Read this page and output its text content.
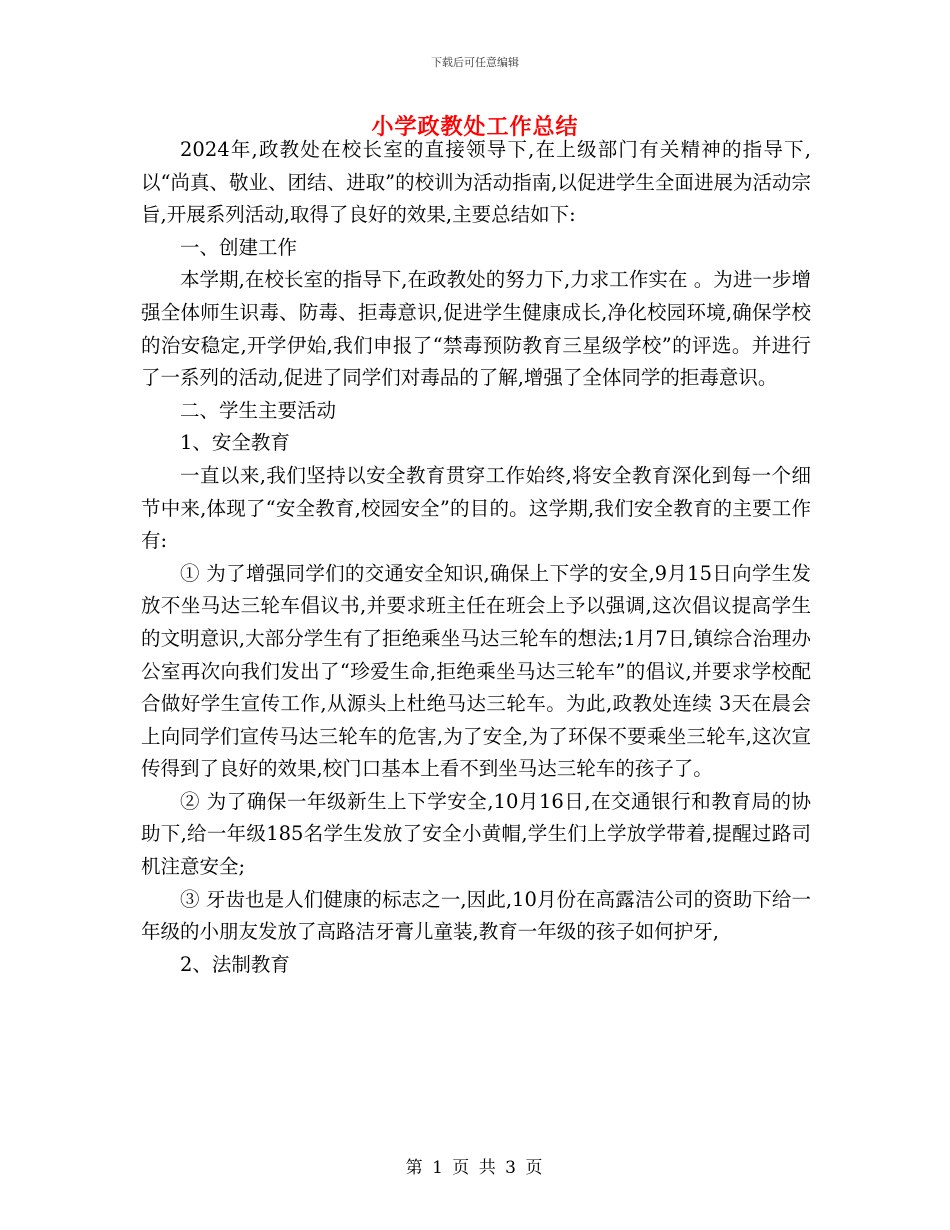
下载后可任意编辑
小学政教处工作总结

2024年,政教处在校长室的直接领导下,在上级部门有关精神的指导下,以“尚真、敬业、团结、进取”的校训为活动指南,以促进学生全面进展为活动宗旨,开展系列活动,取得了良好的效果,主要总结如下:

一、创建工作

本学期,在校长室的指导下,在政教处的努力下,力求工作实在 。为进一步增强全体师生识毒、防毒、拒毒意识,促进学生健康成长,净化校园环境,确保学校的治安稳定,开学伊始,我们申报了“禁毒预防教育三星级学校”的评选。并进行了一系列的活动,促进了同学们对毒品的了解,增强了全体同学的拒毒意识。

二、学生主要活动

1、安全教育

一直以来,我们坚持以安全教育贯穿工作始终,将安全教育深化到每一个细节中来,体现了“安全教育,校园安全”的目的。这学期,我们安全教育的主要工作有:

① 为了增强同学们的交通安全知识,确保上下学的安全,9月15日向学生发放不坐马达三轮车倡议书,并要求班主任在班会上予以强调,这次倡议提高学生的文明意识,大部分学生有了拒绝乘坐马达三轮车的想法;1月7日,镇综合治理办公室再次向我们发出了“珍爱生命,拒绝乘坐马达三轮车”的倡议,并要求学校配合做好学生宣传工作,从源头上杜绝马达三轮车。为此,政教处连续 3天在晨会上向同学们宣传马达三轮车的危害,为了安全,为了环保不要乘坐三轮车,这次宣传得到了良好的效果,校门口基本上看不到坐马达三轮车的孩子了。

② 为了确保一年级新生上下学安全,10月16日,在交通银行和教育局的协助下,给一年级185名学生发放了安全小黄帽,学生们上学放学带着,提醒过路司机注意安全;

③ 牙齿也是人们健康的标志之一,因此,10月份在高露洁公司的资助下给一年级的小朋友发放了高路洁牙膏儿童装,教育一年级的孩子如何护牙,

2、法制教育

第 1 页 共 3 页
